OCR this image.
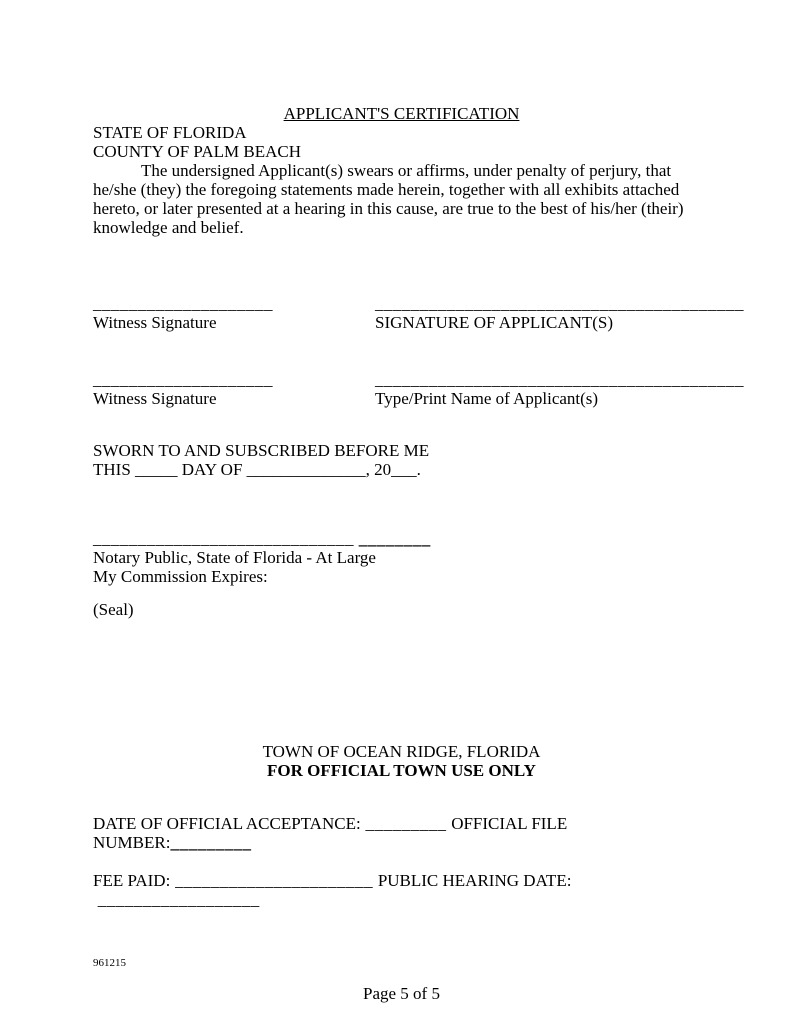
APPLICANT'S CERTIFICATION
STATE OF FLORIDA
COUNTY OF PALM BEACH
The undersigned Applicant(s) swears or affirms, under penalty of perjury, that he/she (they) the foregoing statements made herein, together with all exhibits attached hereto, or later presented at a hearing in this cause, are true to the best of his/her (their) knowledge and belief.
____________________
Witness Signature
_________________________________________
SIGNATURE OF APPLICANT(S)
____________________
Witness Signature
_________________________________________
Type/Print Name of Applicant(s)
SWORN TO AND SUBSCRIBED BEFORE ME
THIS _____ DAY OF ______________, 20___.
_____________________________ ________
Notary Public, State of Florida - At Large
My Commission Expires:
(Seal)
TOWN OF OCEAN RIDGE, FLORIDA
FOR OFFICIAL TOWN USE ONLY
DATE OF OFFICIAL ACCEPTANCE: _________ OFFICIAL FILE NUMBER:_________
FEE PAID: ______________________ PUBLIC HEARING DATE: __________________
961215
Page 5 of 5
